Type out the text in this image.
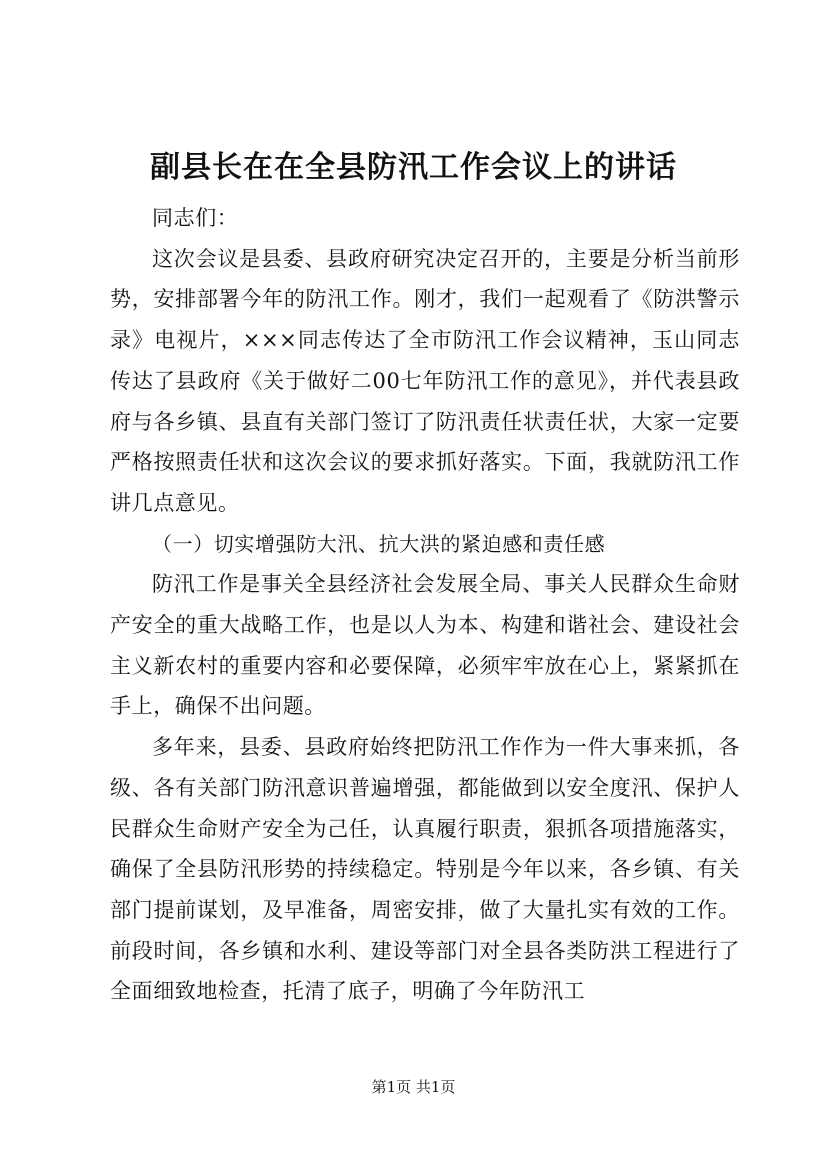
副县长在在全县防汛工作会议上的讲话

同志们：

这次会议是县委、县政府研究决定召开的，主要是分析当前形势，安排部署今年的防汛工作。刚才，我们一起观看了《防洪警示录》电视片，×××同志传达了全市防汛工作会议精神，玉山同志传达了县政府《关于做好二00七年防汛工作的意见》，并代表县政府与各乡镇、县直有关部门签订了防汛责任状责任状，大家一定要严格按照责任状和这次会议的要求抓好落实。下面，我就防汛工作讲几点意见。

（一）切实增强防大汛、抗大洪的紧迫感和责任感

防汛工作是事关全县经济社会发展全局、事关人民群众生命财产安全的重大战略工作，也是以人为本、构建和谐社会、建设社会主义新农村的重要内容和必要保障，必须牢牢放在心上，紧紧抓在手上，确保不出问题。

多年来，县委、县政府始终把防汛工作作为一件大事来抓，各级、各有关部门防汛意识普遍增强，都能做到以安全度汛、保护人民群众生命财产安全为己任，认真履行职责，狠抓各项措施落实，确保了全县防汛形势的持续稳定。特别是今年以来，各乡镇、有关部门提前谋划，及早准备，周密安排，做了大量扎实有效的工作。前段时间，各乡镇和水利、建设等部门对全县各类防洪工程进行了全面细致地检查，托清了底子，明确了今年防汛工

第1页 共1页
